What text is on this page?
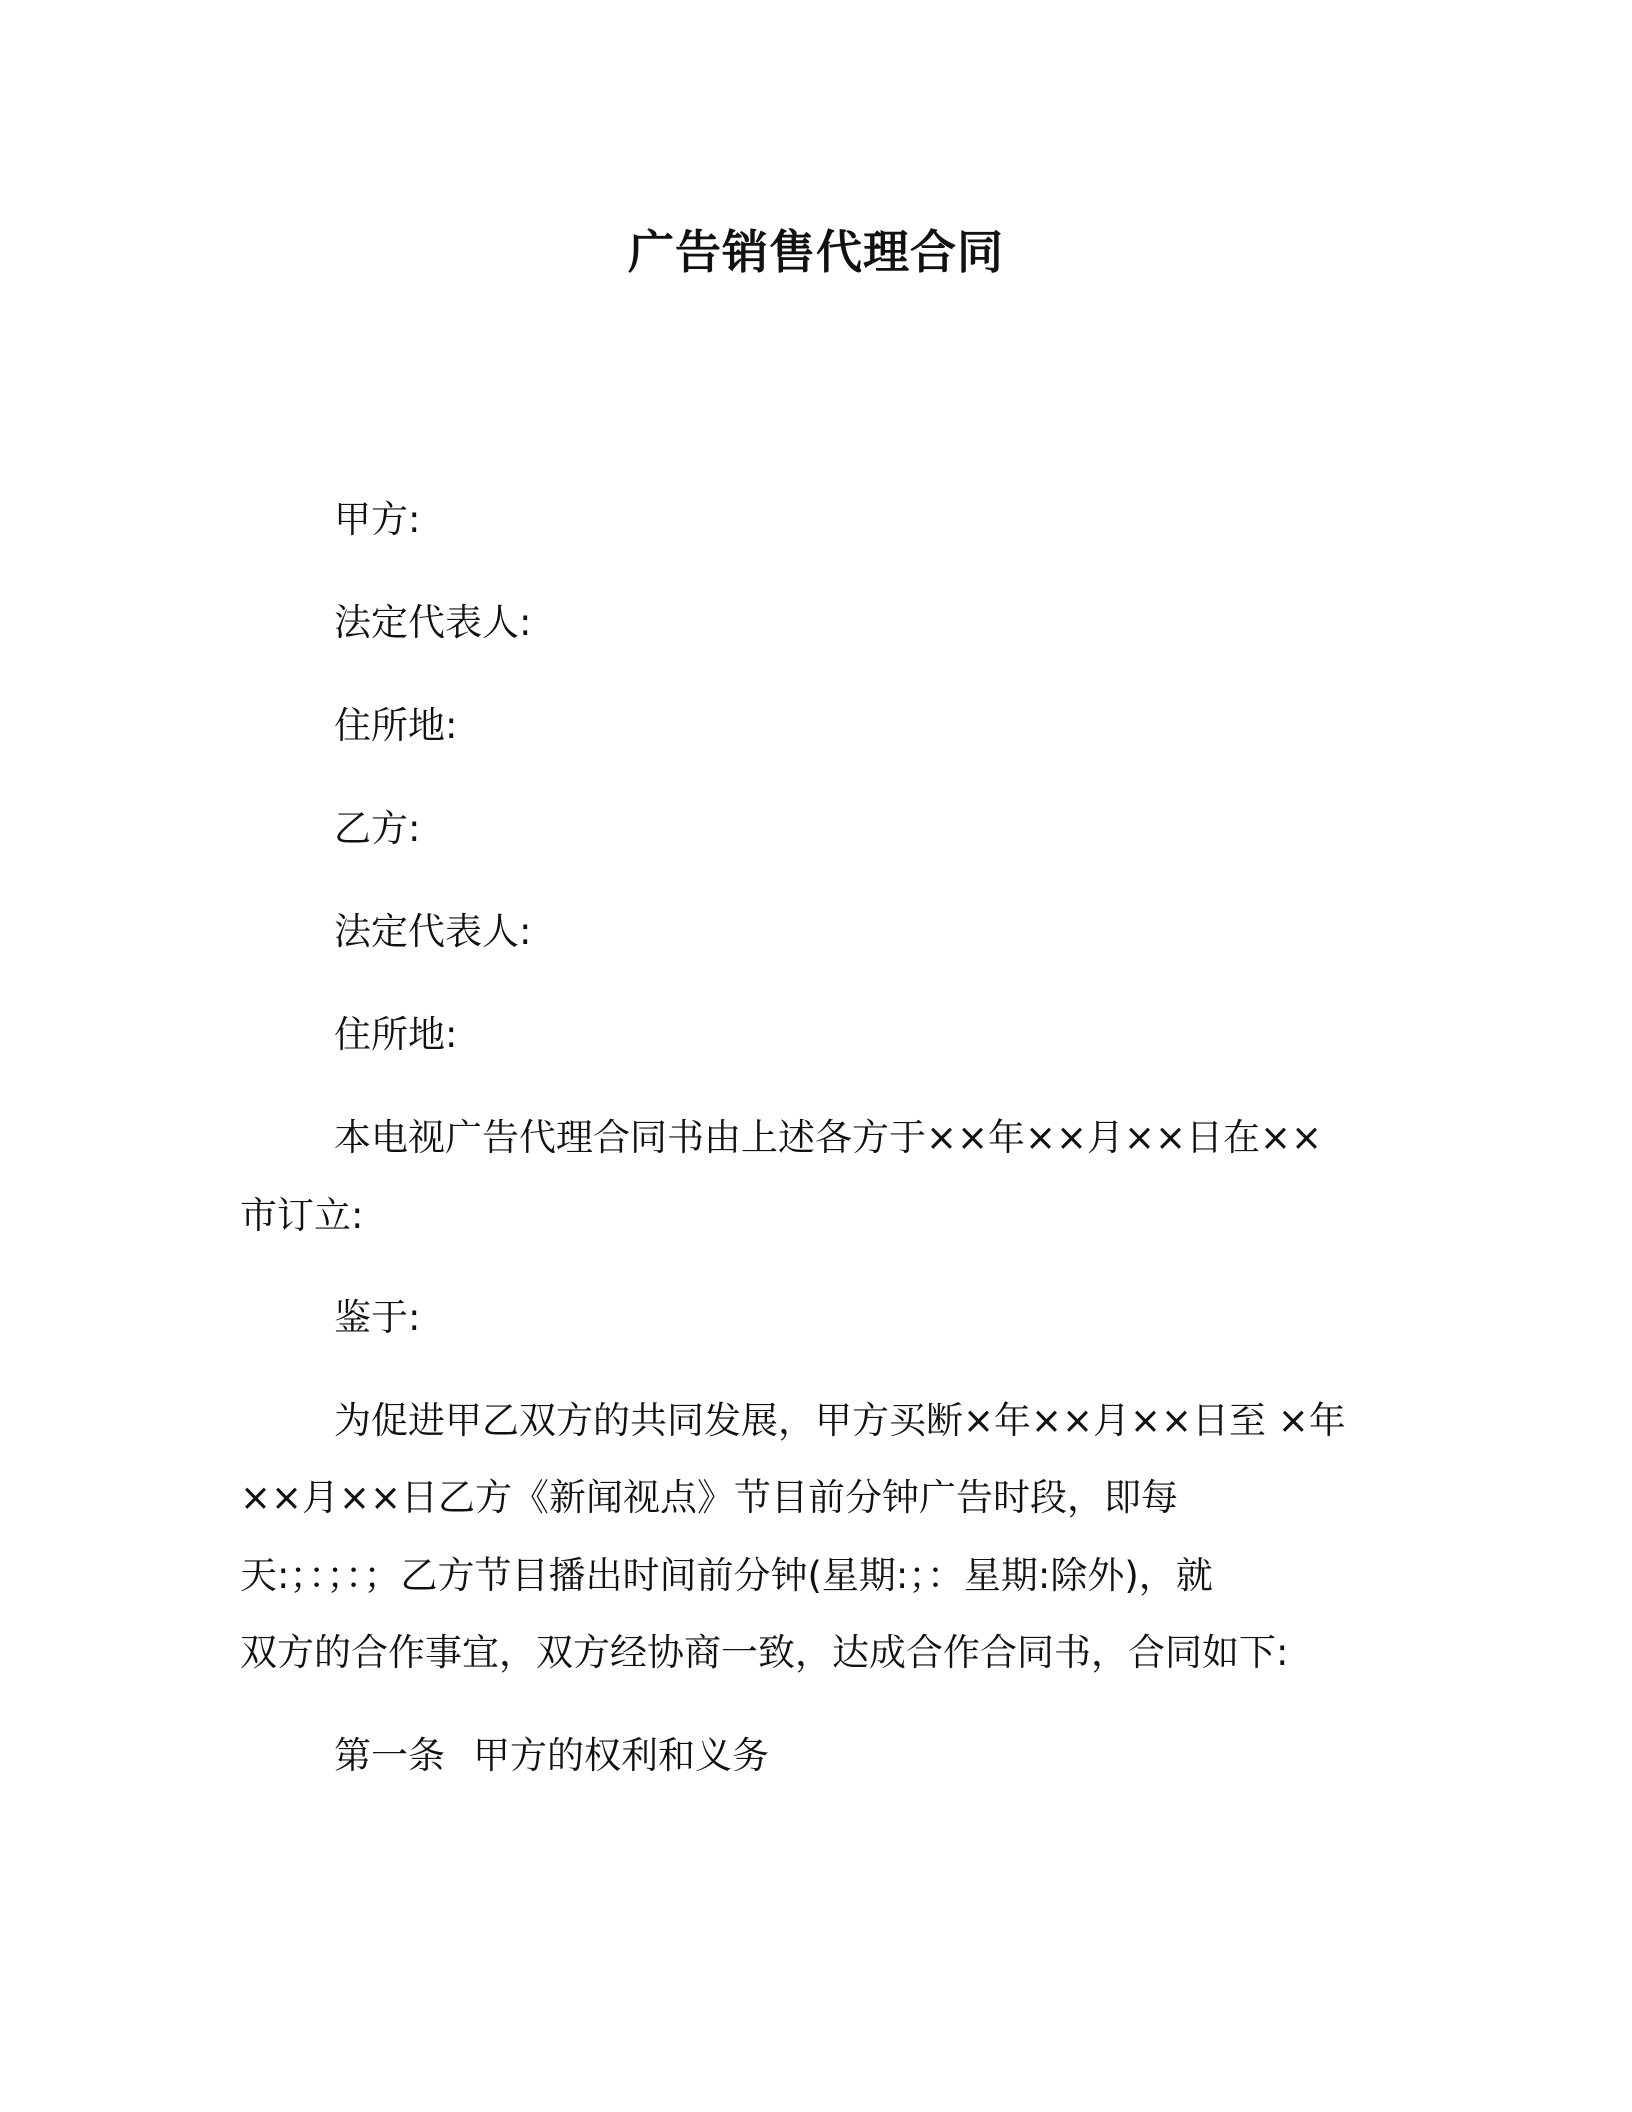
广告销售代理合同
甲方:
法定代表人:
住所地:
乙方:
法定代表人:
住所地:
本电视广告代理合同书由上述各方于××年××月××日在××
市订立:
鉴于:
为促进甲乙双方的共同发展，甲方买断×年××月××日至 ×年
××月××日乙方《新闻视点》节目前分钟广告时段，即每
天:；：；：；乙方节目播出时间前分钟(星期:；：星期:除外)，就
双方的合作事宜，双方经协商一致，达成合作合同书，合同如下:
第一条 甲方的权利和义务
